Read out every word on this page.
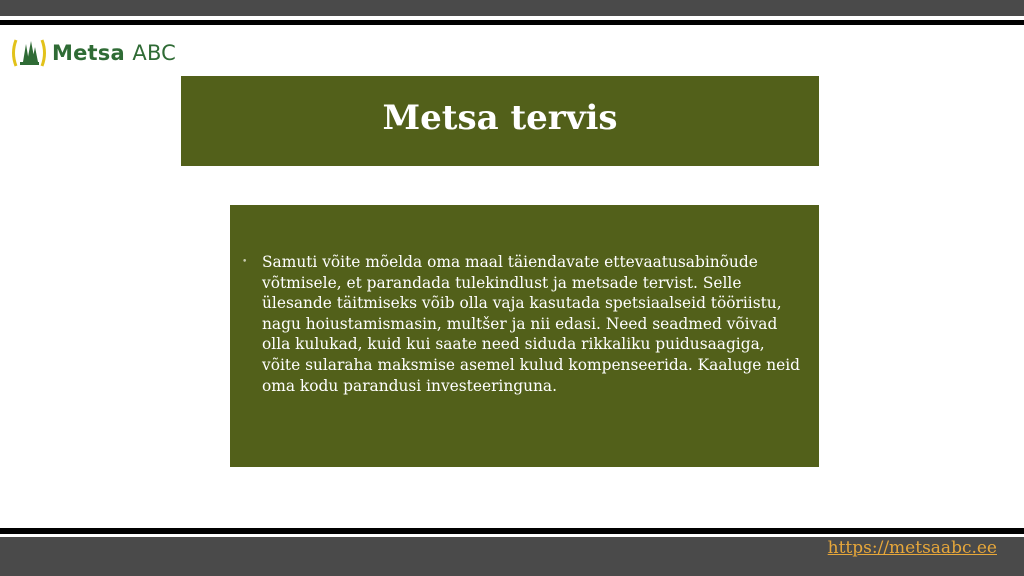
Metsa ABC
Metsa tervis
• Samuti võite mõelda oma maal täiendavate ettevaatusabinõude võtmisele, et parandada tulekindlust ja metsade tervist. Selle ülesande täitmiseks võib olla vaja kasutada spetsiaalseid tööriistu, nagu hoiustamismasin, multšer ja nii edasi. Need seadmed võivad olla kulukad, kuid kui saate need siduda rikkaliku puidusaagiga, võite sularaha maksmise asemel kulud kompenseerida. Kaaluge neid oma kodu parandusi investeeringuna.

https://metsaabc.ee
